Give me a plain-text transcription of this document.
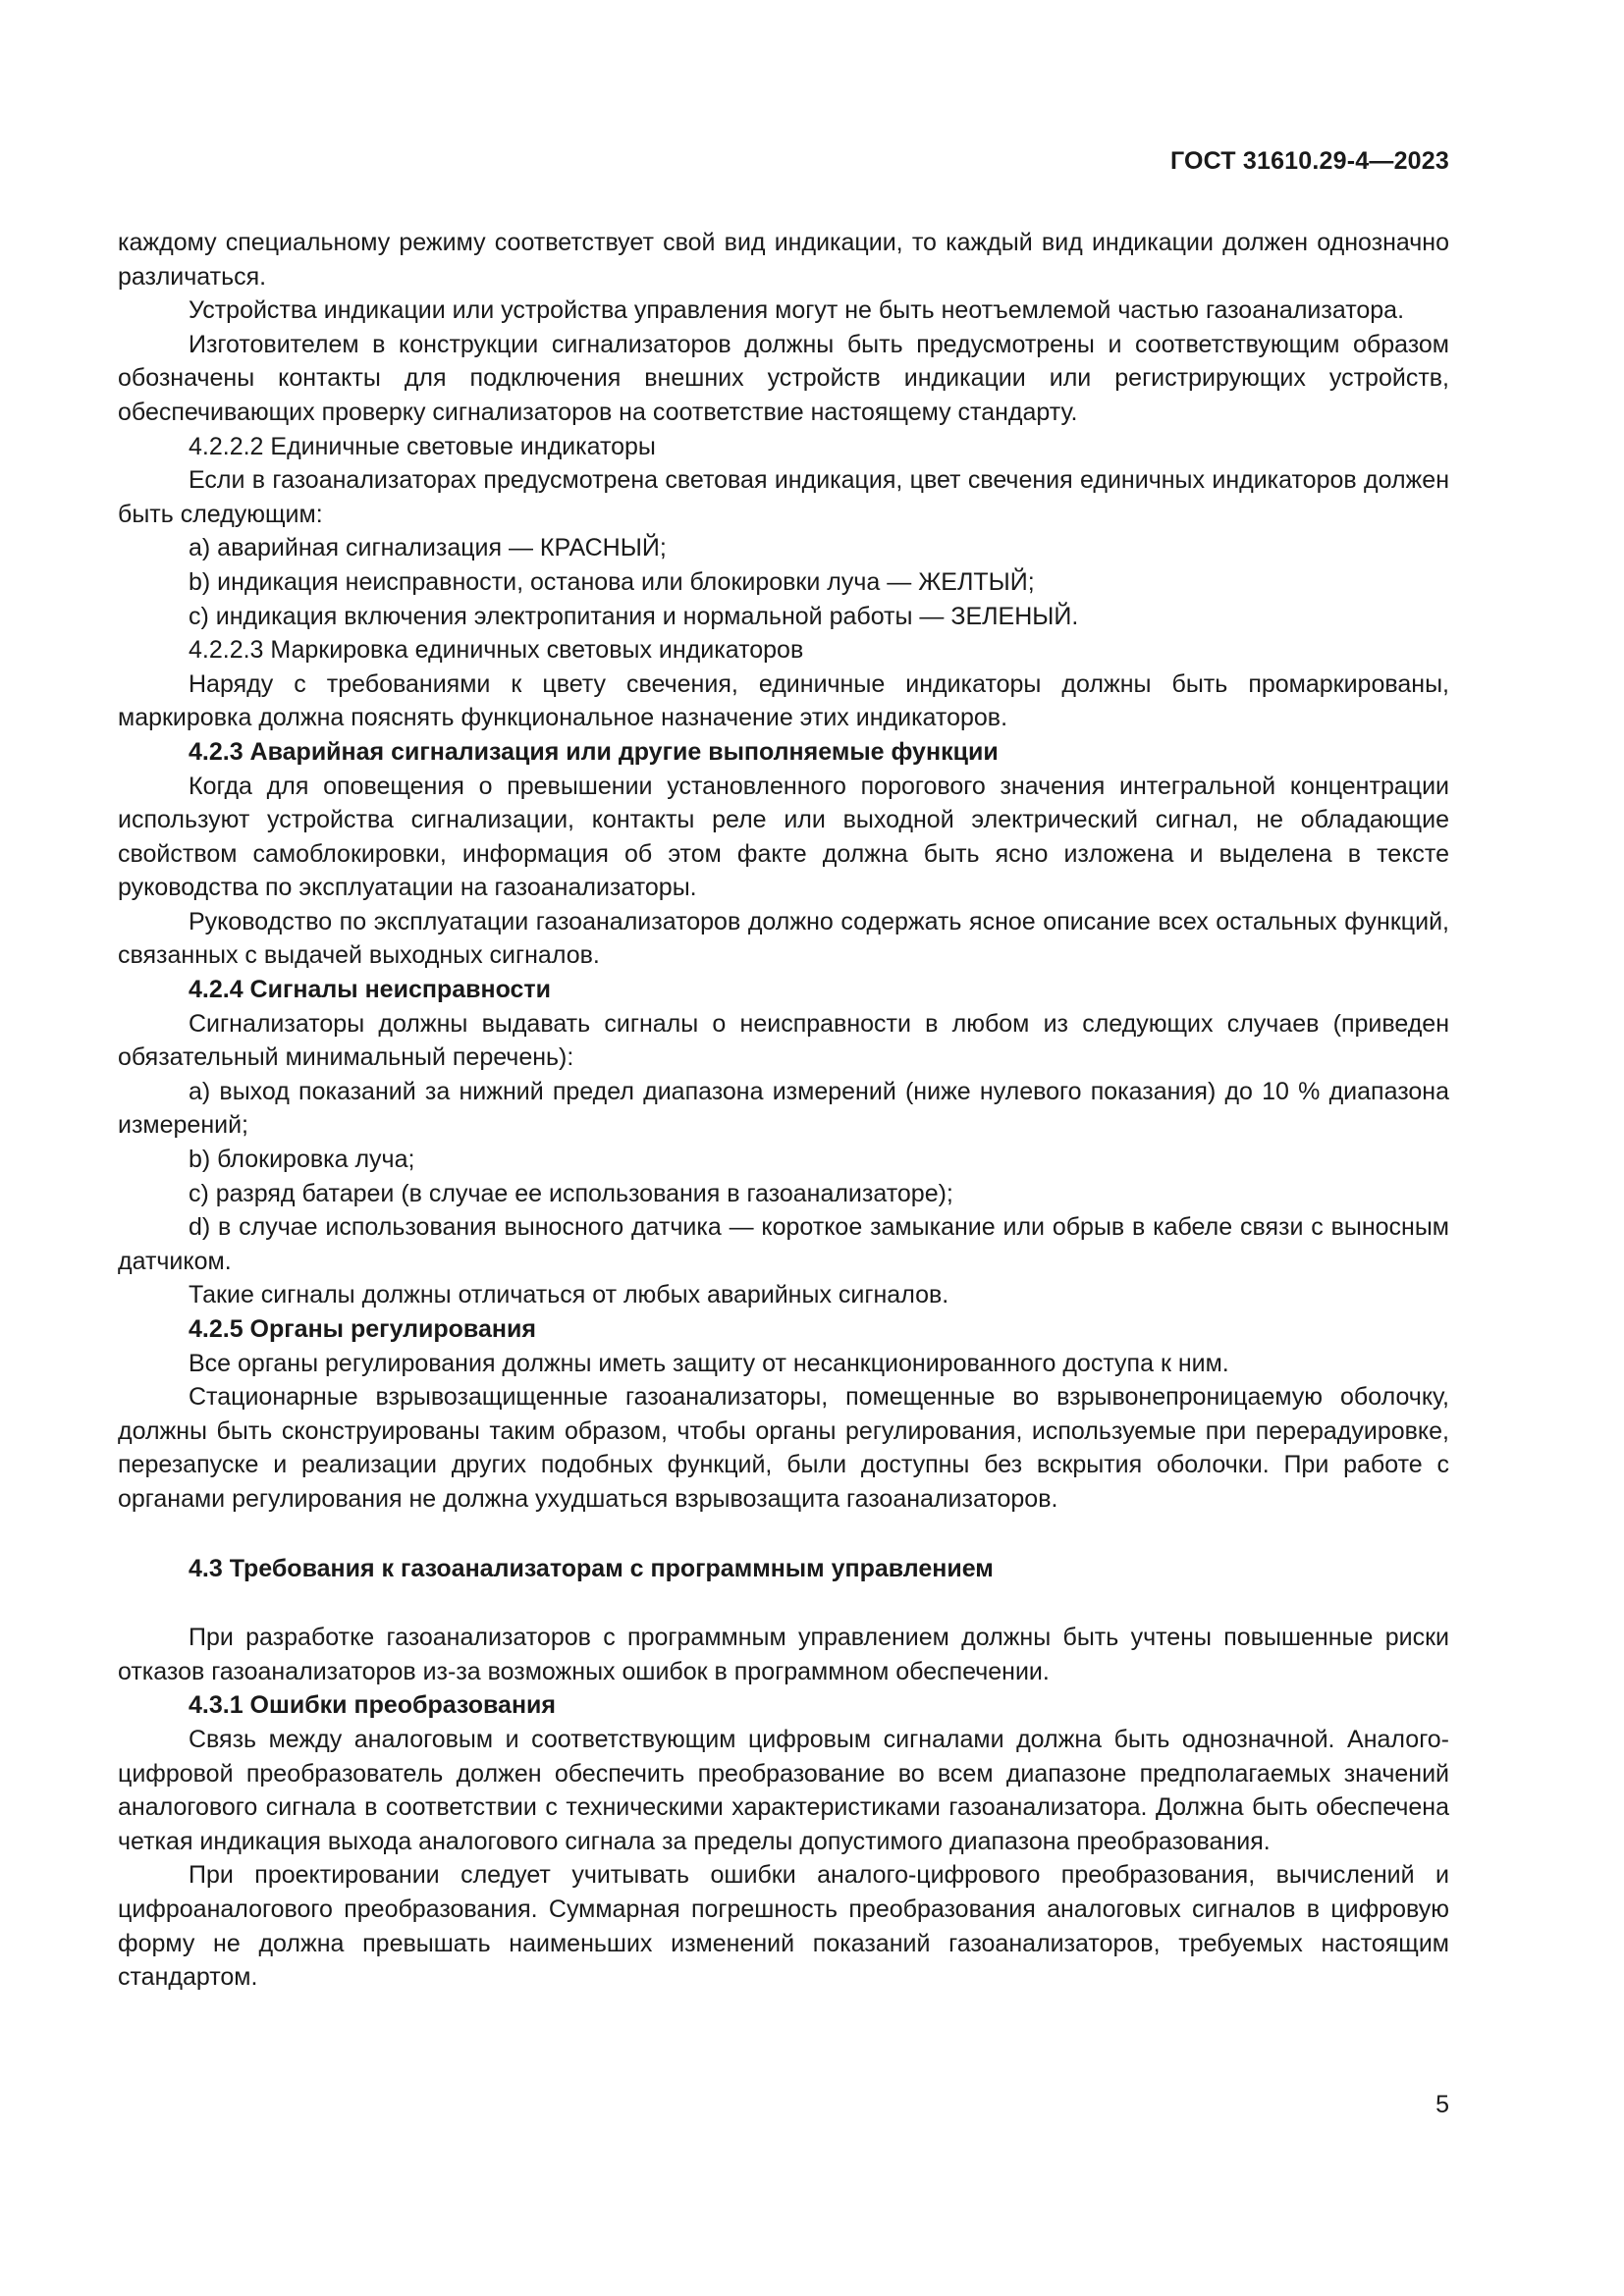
ГОСТ 31610.29-4—2023
каждому специальному режиму соответствует свой вид индикации, то каждый вид индикации должен однозначно различаться.
Устройства индикации или устройства управления могут не быть неотъемлемой частью газоанализатора.
Изготовителем в конструкции сигнализаторов должны быть предусмотрены и соответствующим образом обозначены контакты для подключения внешних устройств индикации или регистрирующих устройств, обеспечивающих проверку сигнализаторов на соответствие настоящему стандарту.
4.2.2.2 Единичные световые индикаторы
Если в газоанализаторах предусмотрена световая индикация, цвет свечения единичных индикаторов должен быть следующим:
a) аварийная сигнализация — КРАСНЫЙ;
b) индикация неисправности, останова или блокировки луча — ЖЕЛТЫЙ;
c) индикация включения электропитания и нормальной работы — ЗЕЛЕНЫЙ.
4.2.2.3 Маркировка единичных световых индикаторов
Наряду с требованиями к цвету свечения, единичные индикаторы должны быть промаркированы, маркировка должна пояснять функциональное назначение этих индикаторов.
4.2.3 Аварийная сигнализация или другие выполняемые функции
Когда для оповещения о превышении установленного порогового значения интегральной концентрации используют устройства сигнализации, контакты реле или выходной электрический сигнал, не обладающие свойством самоблокировки, информация об этом факте должна быть ясно изложена и выделена в тексте руководства по эксплуатации на газоанализаторы.
Руководство по эксплуатации газоанализаторов должно содержать ясное описание всех остальных функций, связанных с выдачей выходных сигналов.
4.2.4 Сигналы неисправности
Сигнализаторы должны выдавать сигналы о неисправности в любом из следующих случаев (приведен обязательный минимальный перечень):
a) выход показаний за нижний предел диапазона измерений (ниже нулевого показания) до 10 % диапазона измерений;
b) блокировка луча;
c) разряд батареи (в случае ее использования в газоанализаторе);
d) в случае использования выносного датчика — короткое замыкание или обрыв в кабеле связи с выносным датчиком.
Такие сигналы должны отличаться от любых аварийных сигналов.
4.2.5 Органы регулирования
Все органы регулирования должны иметь защиту от несанкционированного доступа к ним.
Стационарные взрывозащищенные газоанализаторы, помещенные во взрывонепроницаемую оболочку, должны быть сконструированы таким образом, чтобы органы регулирования, используемые при перерадуировке, перезапуске и реализации других подобных функций, были доступны без вскрытия оболочки. При работе с органами регулирования не должна ухудшаться взрывозащита газоанализаторов.
4.3 Требования к газоанализаторам с программным управлением
При разработке газоанализаторов с программным управлением должны быть учтены повышенные риски отказов газоанализаторов из-за возможных ошибок в программном обеспечении.
4.3.1 Ошибки преобразования
Связь между аналоговым и соответствующим цифровым сигналами должна быть однозначной. Аналого-цифровой преобразователь должен обеспечить преобразование во всем диапазоне предполагаемых значений аналогового сигнала в соответствии с техническими характеристиками газоанализатора. Должна быть обеспечена четкая индикация выхода аналогового сигнала за пределы допустимого диапазона преобразования.
При проектировании следует учитывать ошибки аналого-цифрового преобразования, вычислений и цифроаналогового преобразования. Суммарная погрешность преобразования аналоговых сигналов в цифровую форму не должна превышать наименьших изменений показаний газоанализаторов, требуемых настоящим стандартом.
5
